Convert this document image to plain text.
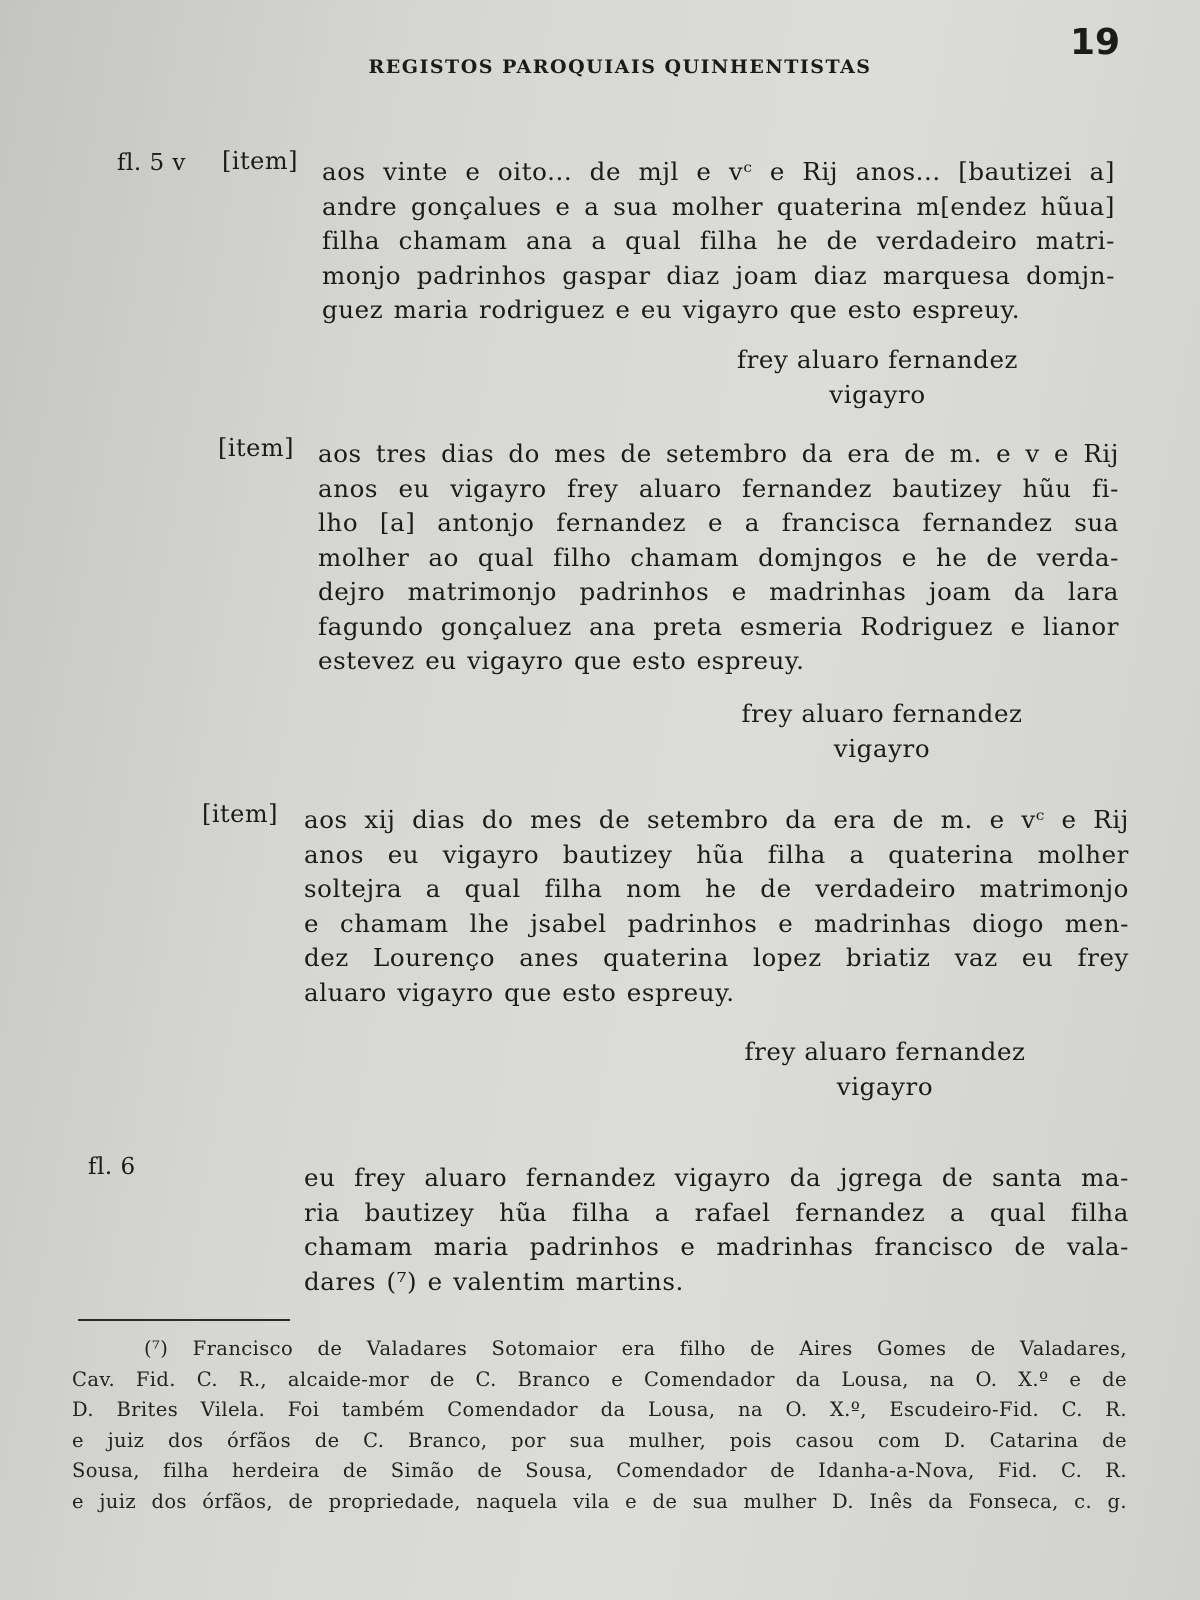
REGISTOS PAROQUIAIS QUINHENTISTAS
19
fl. 5 v [item] aos vinte e oito... de mjl e vᶜ e Rij anos... [bautizei a]
andre gonçalues e a sua molher quaterina m[endez hũua]
filha chamam ana a qual filha he de verdadeiro matri-
monjo padrinhos gaspar diaz joam diaz marquesa domjn-
guez maria rodriguez e eu vigayro que esto espreuy.
frey aluaro fernandez
vigayro
[item] aos tres dias do mes de setembro da era de m. e v e Rij
anos eu vigayro frey aluaro fernandez bautizey hũu fi-
lho [a] antonjo fernandez e a francisca fernandez sua
molher ao qual filho chamam domjngos e he de verda-
dejro matrimonjo padrinhos e madrinhas joam da lara
fagundo gonçaluez ana preta esmeria Rodriguez e lianor
estevez eu vigayro que esto espreuy.
frey aluaro fernandez
vigayro
[item] aos xij dias do mes de setembro da era de m. e vᶜ e Rij
anos eu vigayro bautizey hũa filha a quaterina molher
soltejra a qual filha nom he de verdadeiro matrimonjo
e chamam lhe jsabel padrinhos e madrinhas diogo men-
dez Lourenço anes quaterina lopez briatiz vaz eu frey
aluaro vigayro que esto espreuy.
frey aluaro fernandez
vigayro
fl. 6	eu frey aluaro fernandez vigayro da jgrega de santa ma-
ria bautizey hũa filha a rafael fernandez a qual filha
chamam maria padrinhos e madrinhas francisco de vala-
dares (⁷) e valentim martins.
(⁷) Francisco de Valadares Sotomaior era filho de Aires Gomes de Valadares,
Cav. Fid. C. R., alcaide-mor de C. Branco e Comendador da Lousa, na O. X.º e de
D. Brites Vilela. Foi também Comendador da Lousa, na O. X.º, Escudeiro-Fid. C. R.
e juiz dos órfãos de C. Branco, por sua mulher, pois casou com D. Catarina de
Sousa, filha herdeira de Simão de Sousa, Comendador de Idanha-a-Nova, Fid. C. R.
e juiz dos órfãos, de propriedade, naquela vila e de sua mulher D. Inês da Fonseca, c. g.
